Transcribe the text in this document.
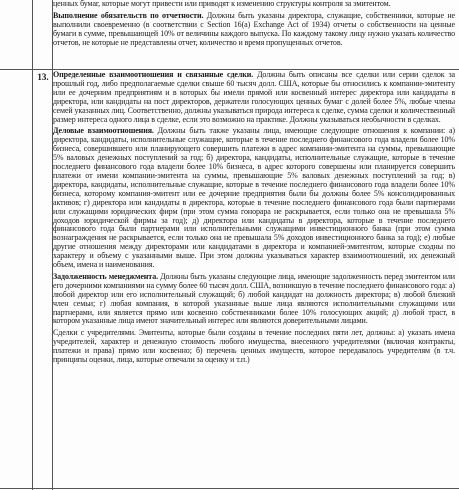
ценных бумаг, которые могут привести или приводят к изменению структуры контроля за эмитентом.

Выполнение обязательств по отчетности. Должны быть указаны директора, служащие, собственники, которые не выполнили своевременно (в соответствии с Section 16(a) Exchange Act of 1934) отчеты о собственности на ценные бумаги в сумме, превышающей 10% от величины каждого выпуска. По каждому такому лицу нужно указать количество отчетов, не которые не представлены отчет, количество и время пропущенных отчетов.

13. Определенные взаимоотношения и связанные сделки. Должны быть описаны все сделки или серии сделок за прошлый год, либо предполагаемые сделки свыше 60 тысяч долл. США, которые бы относились к компании-эмитенту или ее дочерним предприятиям и в которых бы имели прямой или косвенный интерес директора или кандидаты в директора, или кандидаты на пост директоров, держатели голосующих ценных бумаг с долей более 5%, любые члены семей указанных лиц. Соответственно, должны указываться природа интереса к сделке, сумма сделки и количественный размер интереса одного лица в сделке, если это возможно на практике. Должны указываться необычности в сделках.

Деловые взаимоотношения. Должны быть также указаны лица, имеющие следующие отношения к компании: а) директора, кандидаты, исполнительные служащие, которые в течение последнего финансового года владели более 10% бизнеса, совершившего или планирующего совершить платежи в адрес компании-эмитента на суммы, превышающие 5% валовых денежных поступлений за год; б) директора, кандидаты, исполнительные служащие, которые в течение последнего финансового года владели более 10% бизнеса, в адрес которого совершены или планируется совершить платежи от имени компании-эмитента на суммы, превышающие 5% валовых денежных поступлений за год; в) директора, кандидаты, исполнительные служащие, которые в течение последнего финансового года владели более 10% бизнеса, которому компания-эмитент или ее дочерние предприятия были бы должны более 5% консолидированных активов; г) директора или кандидаты в директора, которые в течение последнего финансового года были партнерами или служащими юридических фирм (при этом сумма гонорара не раскрывается, если только она не превышала 5% доходов юридической фирмы за год); д) директора или кандидаты в директора, которые в течение последнего финансового года были партнерами или исполнительными служащими инвестиционного банка (при этом сумма вознаграждения не раскрывается, если только она не превышала 5% доходов инвестиционного банка за год); е) любые другие отношения между директорами или кандидатами в директора и компанией-эмитентом, которые сходны по характеру и объему с указанными выше. При этом должны указываться характер взаимоотношений, их денежный объем, имена и наименования.

Задолженность менеджмента. Должны быть указаны следующие лица, имеющие задолженность перед эмитентом или его дочерними компаниями на сумму более 60 тысяч долл. США, возникшую в течение последнего финансового года: а) любой директор или его исполнительный служащий; б) любой кандидат на должность директора; в) любой близкий член семьи; г) любая компания, в которой указанные выше лица являются исполнительными служащими или партнерами, или является прямо или косвенно собственниками более 10% голосующих акций; д) любой траст, в котором указанные лица имеют значительный интерес или являются доверительными лицами.

Сделки с учредителями. Эмитенты, которые были созданы в течение последних пяти лет, должны: а) указать имена учредителей, характер и денежную стоимость любого имущества, внесенного учредителями (включая контракты, платежи и права) прямо или косвенно; б) перечень ценных имуществ, которое передавалось учредителям (в т.ч. принципы оценки, лица, которые отвечали за оценку и т.п.)
